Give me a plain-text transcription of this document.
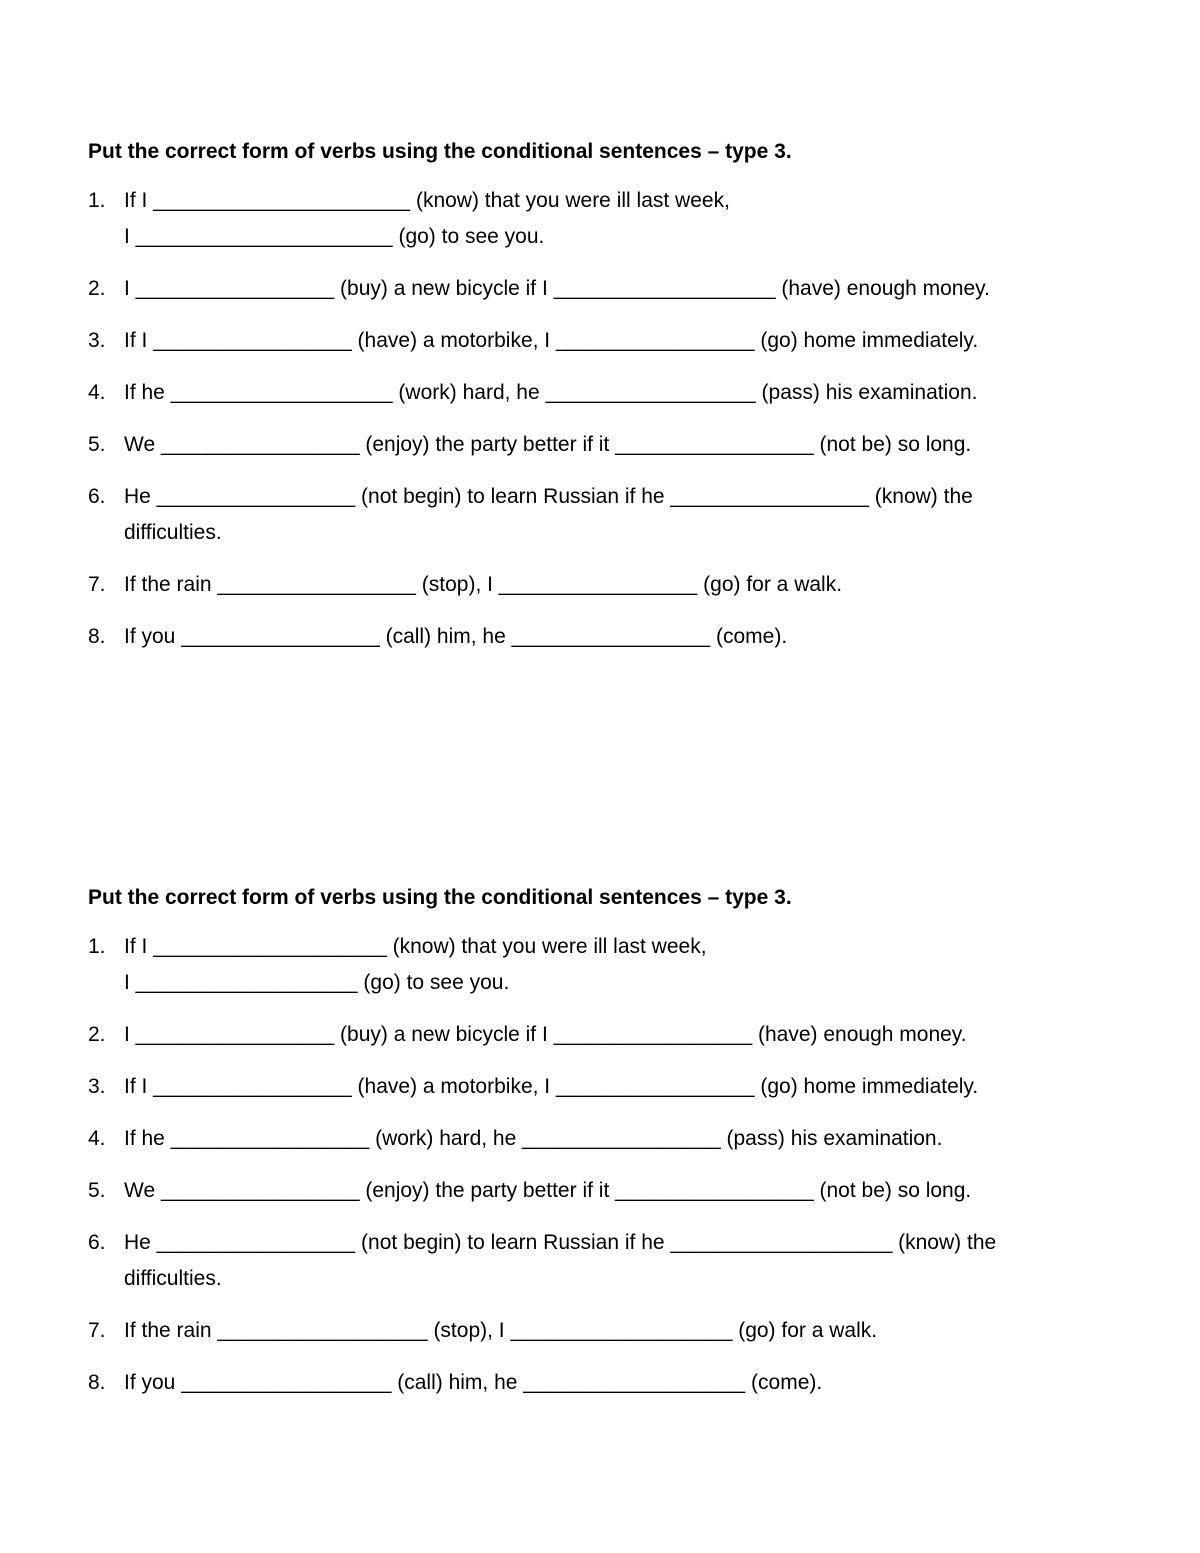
Put the correct form of verbs using the conditional sentences – type 3.
1. If I ______________________ (know) that you were ill last week,
I ______________________ (go) to see you.
2. I _________________ (buy) a new bicycle if I ___________________ (have) enough money.
3. If I _________________ (have) a motorbike, I _________________ (go) home immediately.
4. If he ___________________ (work) hard, he __________________ (pass) his examination.
5. We _________________ (enjoy) the party better if it _________________ (not be) so long.
6. He _________________ (not begin) to learn Russian if he _________________ (know) the
difficulties.
7. If the rain _________________ (stop), I _________________ (go) for a walk.
8. If you _________________ (call) him, he _________________ (come).
Put the correct form of verbs using the conditional sentences – type 3.
1. If I ____________________ (know) that you were ill last week,
I ___________________ (go) to see you.
2. I _________________ (buy) a new bicycle if I _________________ (have) enough money.
3. If I _________________ (have) a motorbike, I _________________ (go) home immediately.
4. If he _________________ (work) hard, he _________________ (pass) his examination.
5. We _________________ (enjoy) the party better if it _________________ (not be) so long.
6. He _________________ (not begin) to learn Russian if he ___________________ (know) the
difficulties.
7. If the rain __________________ (stop), I ___________________ (go) for a walk.
8. If you __________________ (call) him, he ___________________ (come).
